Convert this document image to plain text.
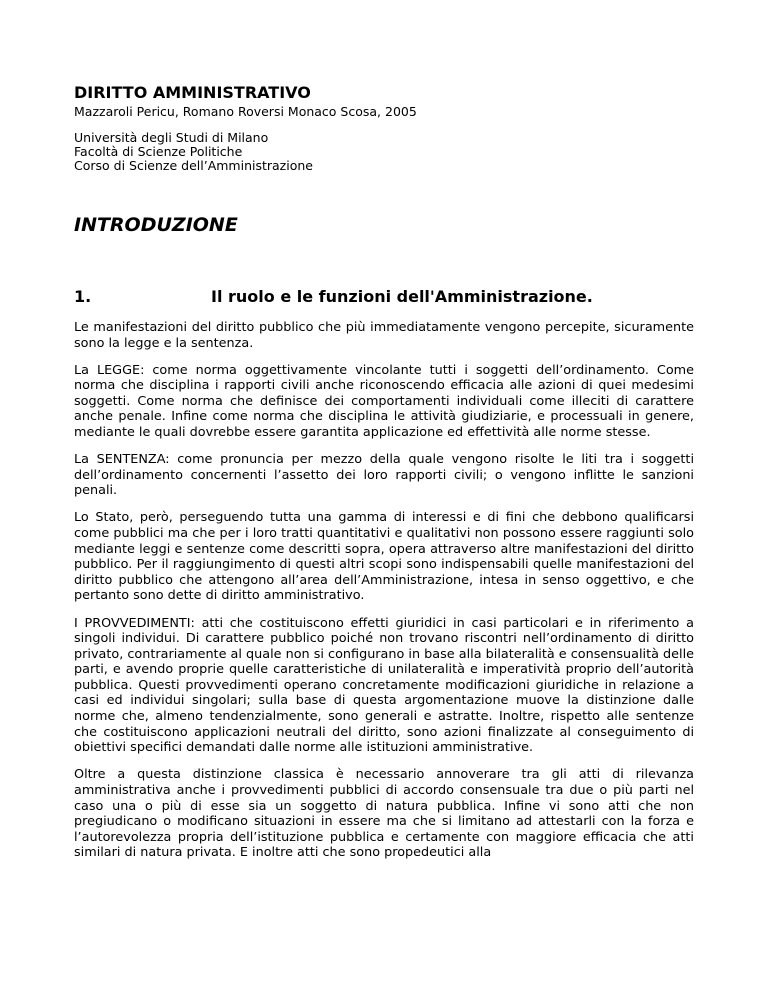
DIRITTO AMMINISTRATIVO
Mazzaroli Pericu, Romano Roversi Monaco Scosa, 2005
Università degli Studi di Milano
Facoltà di Scienze Politiche
Corso di Scienze dell’Amministrazione
INTRODUZIONE
1.	Il ruolo e le funzioni dell'Amministrazione.

Le manifestazioni del diritto pubblico che più immediatamente vengono percepite, sicuramente sono la legge e la sentenza.

La LEGGE: come norma oggettivamente vincolante tutti i soggetti dell’ordinamento. Come norma che disciplina i rapporti civili anche riconoscendo efficacia alle azioni di quei medesimi soggetti. Come norma che definisce dei comportamenti individuali come illeciti di carattere anche penale. Infine come norma che disciplina le attività giudiziarie, e processuali in genere, mediante le quali dovrebbe essere garantita applicazione ed effettività alle norme stesse.

La SENTENZA: come pronuncia per mezzo della quale vengono risolte le liti tra i soggetti dell’ordinamento concernenti l’assetto dei loro rapporti civili; o vengono inflitte le sanzioni penali.

Lo Stato, però, perseguendo tutta una gamma di interessi e di fini che debbono qualificarsi come pubblici ma che per i loro tratti quantitativi e qualitativi non possono essere raggiunti solo mediante leggi e sentenze come descritti sopra, opera attraverso altre manifestazioni del diritto pubblico. Per il raggiungimento di questi altri scopi sono indispensabili quelle manifestazioni del diritto pubblico che attengono all’area dell’Amministrazione, intesa in senso oggettivo, e che pertanto sono dette di diritto amministrativo.

I PROVVEDIMENTI: atti che costituiscono effetti giuridici in casi particolari e in riferimento a singoli individui. Di carattere pubblico poiché non trovano riscontri nell’ordinamento di diritto privato, contrariamente al quale non si configurano in base alla bilateralità e consensualità delle parti, e avendo proprie quelle caratteristiche di unilateralità e imperatività proprio dell’autorità pubblica. Questi provvedimenti operano concretamente modificazioni giuridiche in relazione a casi ed individui singolari; sulla base di questa argomentazione muove la distinzione dalle norme che, almeno tendenzialmente, sono generali e astratte. Inoltre, rispetto alle sentenze che costituiscono applicazioni neutrali del diritto, sono azioni finalizzate al conseguimento di obiettivi specifici demandati dalle norme alle istituzioni amministrative.

Oltre a questa distinzione classica è necessario annoverare tra gli atti di rilevanza amministrativa anche i provvedimenti pubblici di accordo consensuale tra due o più parti nel caso una o più di esse sia un soggetto di natura pubblica. Infine vi sono atti che non pregiudicano o modificano situazioni in essere ma che si limitano ad attestarli con la forza e l’autorevolezza propria dell’istituzione pubblica e certamente con maggiore efficacia che atti similari di natura privata. E inoltre atti che sono propedeutici alla
